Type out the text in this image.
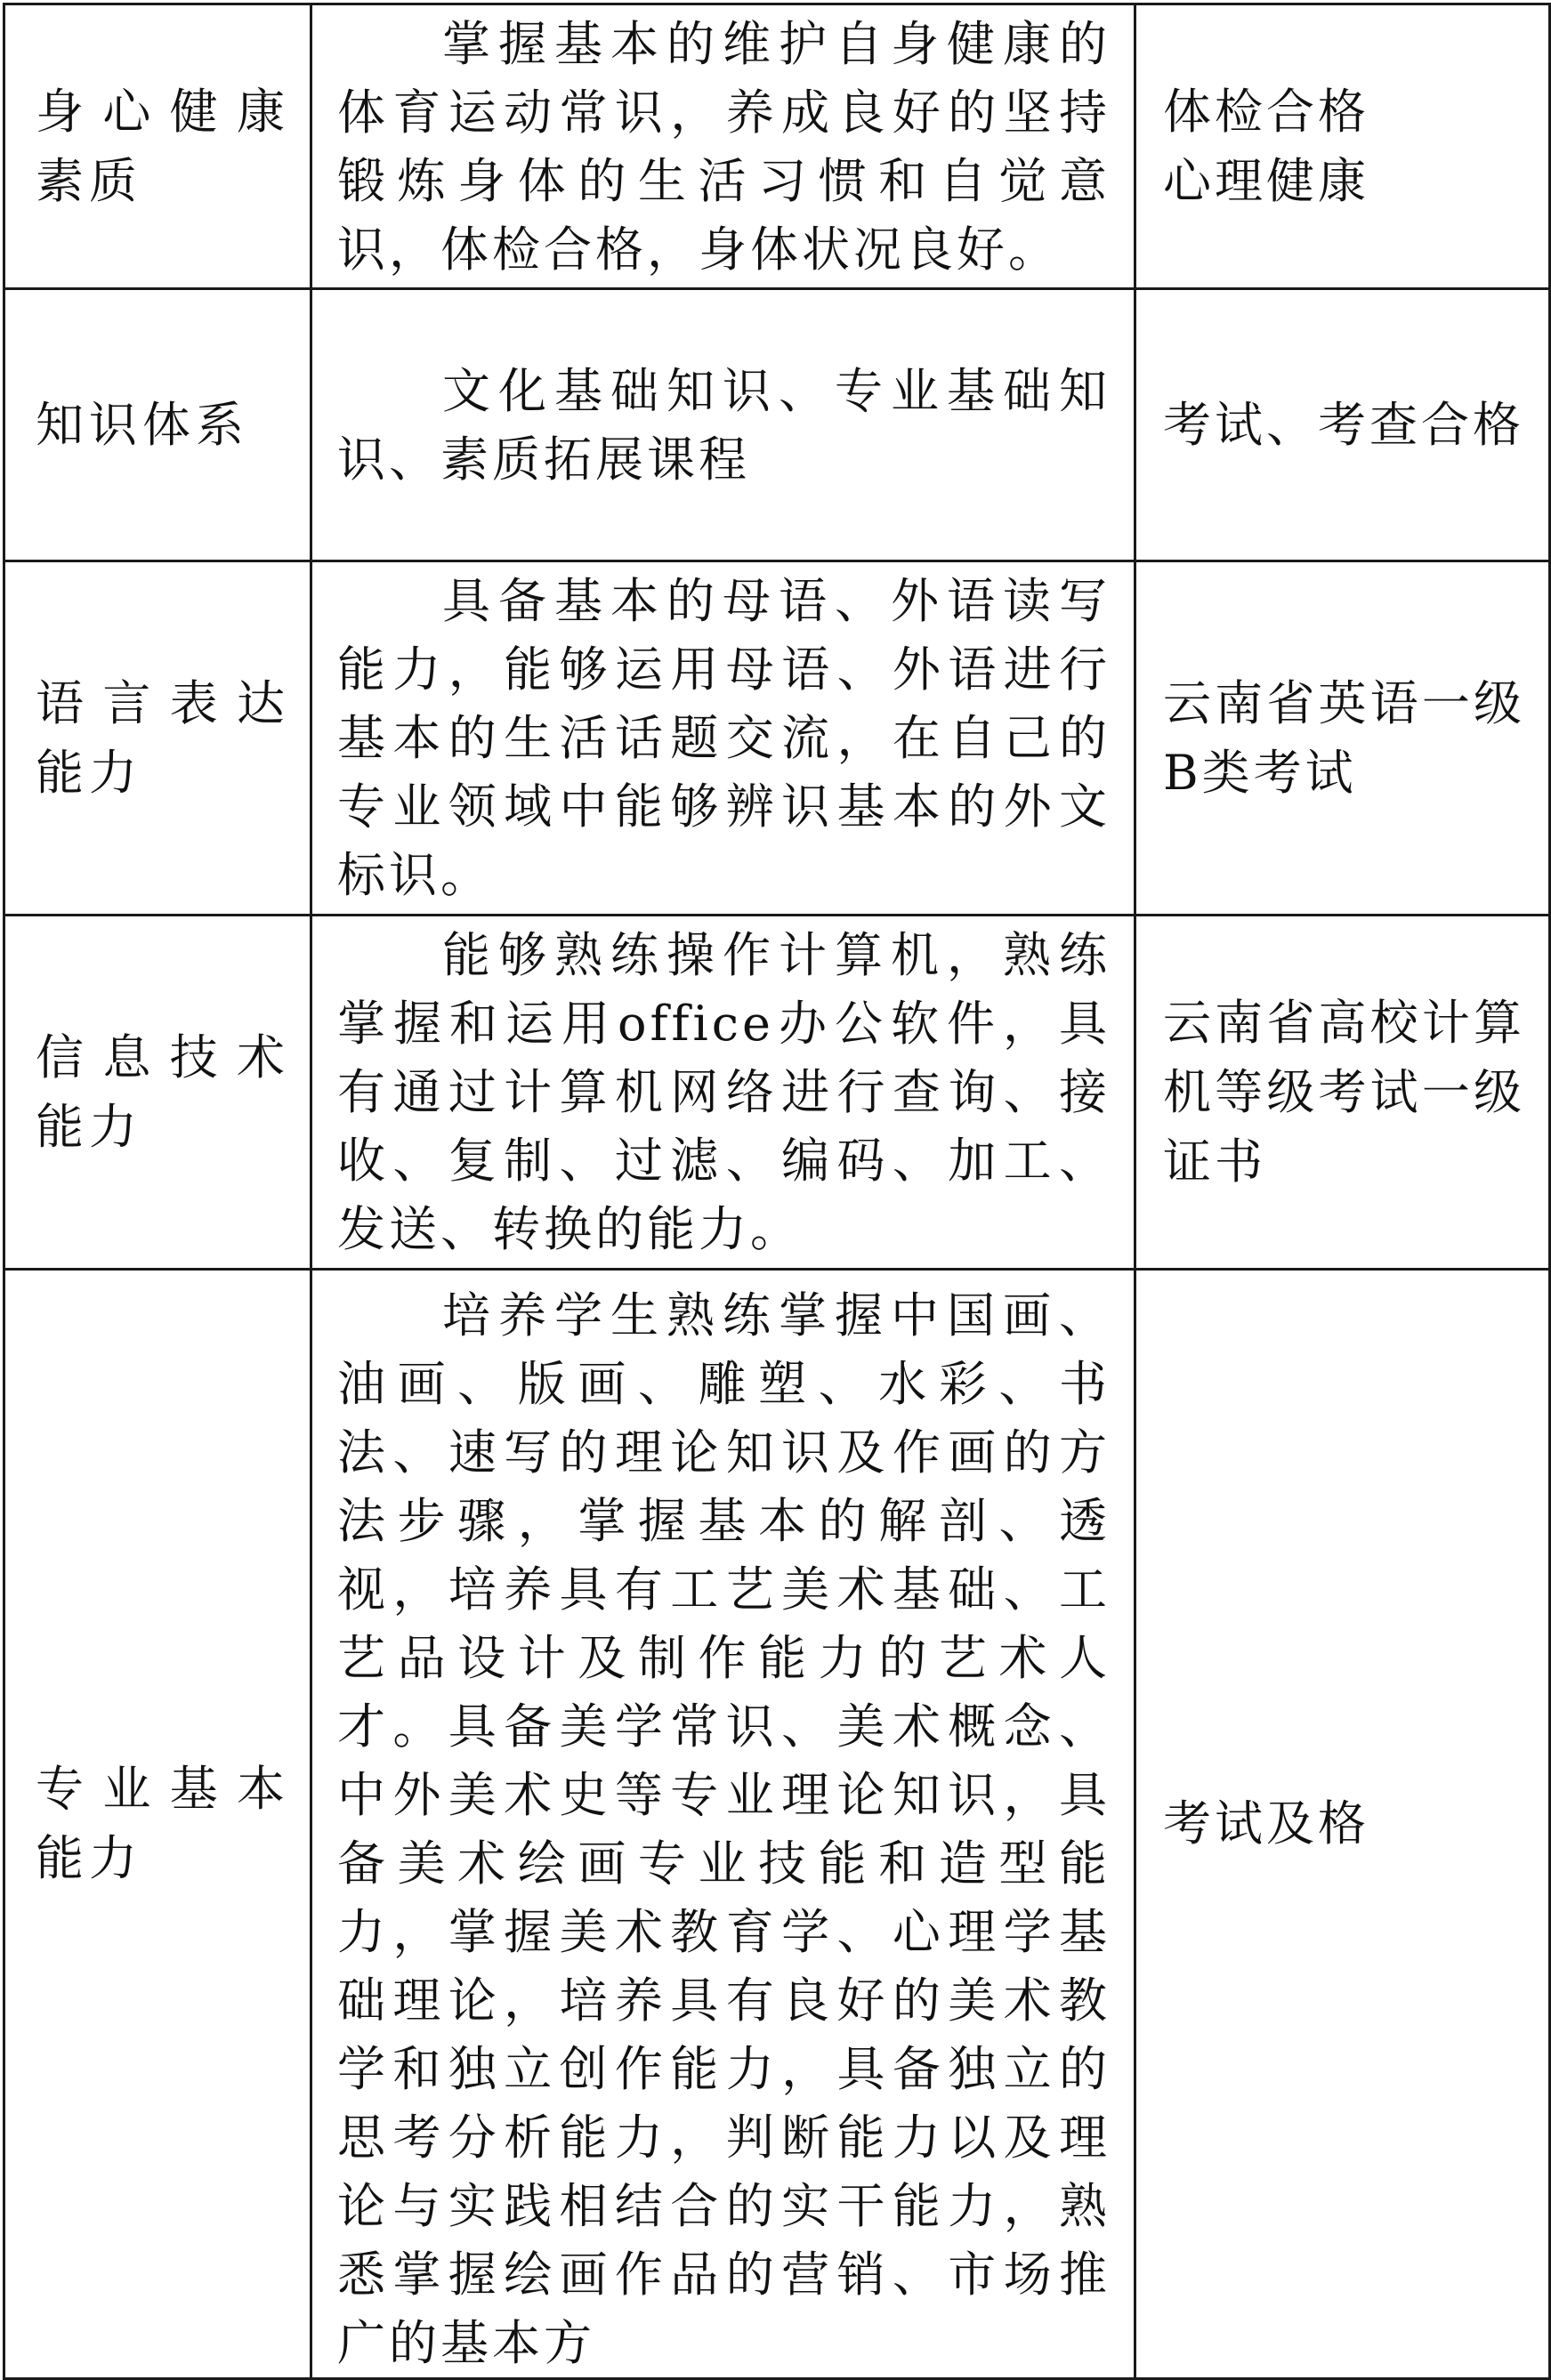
身心健康素质	掌握基本的维护自身健康的体育运动常识，养成良好的坚持锻炼身体的生活习惯和自觉意识，体检合格，身体状况良好。	体检合格
心理健康

知识体系	文化基础知识、专业基础知识、素质拓展课程	考试、考查合格

语言表达能力	具备基本的母语、外语读写能力，能够运用母语、外语进行基本的生活话题交流，在自己的专业领域中能够辨识基本的外文标识。	云南省英语一级B类考试

信息技术能力	能够熟练操作计算机，熟练掌握和运用office办公软件，具有通过计算机网络进行查询、接收、复制、过滤、编码、加工、发送、转换的能力。	云南省高校计算机等级考试一级证书

专业基本能力	培养学生熟练掌握中国画、油画、版画、雕塑、水彩、书法、速写的理论知识及作画的方法步骤，掌握基本的解剖、透视，培养具有工艺美术基础、工艺品设计及制作能力的艺术人才。具备美学常识、美术概念、中外美术史等专业理论知识，具备美术绘画专业技能和造型能力，掌握美术教育学、心理学基础理论，培养具有良好的美术教学和独立创作能力，具备独立的思考分析能力，判断能力以及理论与实践相结合的实干能力，熟悉掌握绘画作品的营销、市场推广的基本方	考试及格
